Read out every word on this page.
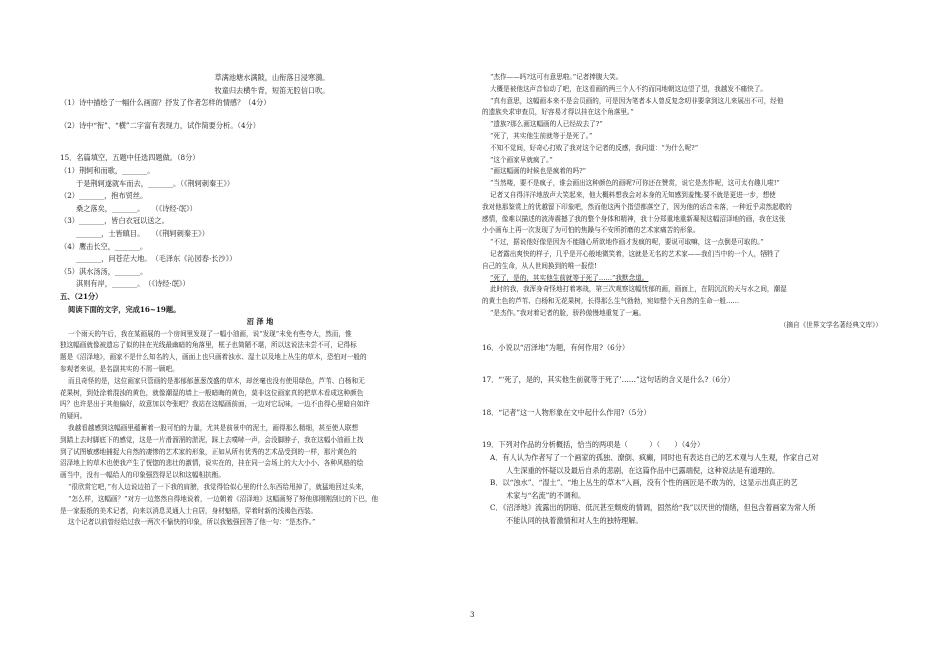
草满池塘水满陂，山衔落日浸寒漪。
牧童归去横牛背，短笛无腔信口吹。
（1）诗中描绘了一幅什么画面？抒发了作者怎样的情感？（4分）
（2）诗中“衔”、“横”二字富有表现力，试作简要分析。（4分）
15．名篇填空，五题中任选四题做。（8分）
（1）荆轲和而歌，_______。
于是荆轲遂就车而去，_______。（《荆轲刺秦王》）
（2）_______，抱布贸丝。
桑之落矣，_______。　　（《诗经·氓》）
（3）_______，皆白衣冠以送之。
_______，士皆瞋目。　　（《荆轲刺秦王》）
（4）鹰击长空，_______。
_______，问苍茫大地。　（毛泽东《沁园春·长沙》）
（5）淇水汤汤，_______。
淇则有岸，_______。　（《诗经·氓》）
五、（21分）
阅读下面的文字，完成16~19题。
沼 泽 地
一个雨天的午后，我在某画展的一个房间里发现了一幅小油画，说“发现”未免有些夸大，然而，惟
独这幅画就像被遗忘了似的挂在光线最幽暗的角落里，框子也简陋不堪，所以这说法未尝不可，记得标
题是《沼泽地》，画家不是什么知名的人，画面上也只画着浊水、湿土以及地上丛生的草木，恐怕对一般的
参观者来说，是名副其实的不屑一顾吧。
而且奇怪的是，这位画家只管画的是那郁郁葱葱茂盛的草木，却丝毫也没有使用绿色，芦苇、白杨和无
花果树，到处涂着混浊的黄色，就像潮湿的墙上一般暗晦的黄色，莫非这位画家真的把草木看成这种颜色
吗？也许是出于其他偏好，故意加以夸张吧？我站在这幅画前面，一边对它玩味，一边不由得心里暗自如许
的疑问。
我越看越感到这幅画里蕴蓄着一股可怕的力量，尤其是前景中的泥土，画得那么精细，甚至使人联想
到踏上去时脚底下的感觉，这是一片滑溜溜的淤泥，踩上去噗哧一声，会没脚脖子，我在这幅小油画上找
到了试图敏感地捕捉大自然的凄惨的艺术家的形象，正如从所有优秀的艺术品受到的一样，那片黄色的
沼泽地上的草木也使我产生了恍惚的悲壮的激情，说实在的，挂在同一会场上的大大小小、各种风格的绘
画当中，没有一幅给人的印象强烈得足以和这幅相抗衡。
“很欣赏它吧，”有人边说边拍了一下我的肩膀，我觉得恰似心里的什么东西给甩掉了，就猛地回过头来，
“怎么样，这幅画？”对方一边悠然自得地说着，一边朝着《沼泽地》这幅画努了努他那刚刚刮过的下巴，他
是一家报纸的美术记者，向来以消息灵通人士自居，身材魁梧，穿着时新的浅褐色西装。
这个记者以前曾经给过我一两次不愉快的印象，所以我勉强回答了他一句：“是杰作。”
“杰作——吗?这可有意思啦。”记者捧腹大笑。
大概是被他这声音惊动了吧，在这看画的两三个人不约而同地朝这边望了望，我越发不痛快了。
“真有意思，这幅画本来不是会员画的，可是因为笔者本人曾反复念叨非要拿到这儿来展出不可，经他
的遗族央求审查员，好容易才得以挂在这个角落里。”
“遗族?那么画这幅画的人已经故去了?”
“死了，其实他生前就等于是死了。”
不知不觉间，好奇心打败了我对这个记者的反感，我问道：“为什么呢?”
“这个画家早就疯了。”
“画这幅画的时候也是疯着的吗?”
“当然喽，要不是疯子，谁会画出这种颜色的画呢?可你还在赞赏，说它是杰作呢，这可太有趣儿啦!”
记者又自得洋洋地放声大笑起来，他大概料想我会对本身的无知感到羞愧;要不就是更进一步，想使
我对他那鉴赏上的优越留下印象吧，然而他这两个指望都落空了，因为他的话音未落，一种近乎肃然起敬的
感情，像难以描述的波涛震撼了我的整个身体和精神，我十分郑重地重新凝视这幅沼泽地的画，我在这张
小小画布上再一次发现了为可怕的焦躁与不安所折磨的艺术家痛苦的形象。
“不过，据说他好像是因为不能随心所欲地作画才发疯的呢，要说可取嘛，这一点倒是可取的。”
记者露出爽快的样子，几乎是开心般地微笑着，这就是无名的艺术家——我们当中的一个人，牺牲了
自己的生命，从人世间换到的唯一报偿!
“死了，是的，其实他生前就等于死了……”我默念道。
此时的我，我浑身奇怪地打着寒战，第三次观察这幅忧郁的画，画面上，在阴沉沉的天与水之间，潮湿
的黄土色的芦苇、白杨和无花果树，长得那么生气勃勃，宛如整个天自然的生命一般……
“是杰作。”我对着记者的脸，骄矜傲慢地重复了一遍。
（摘自《世界文学名著经典文库》）
16．小说以“沼泽地”为题，有何作用?（6分）
17．“‘死了，是的，其实他生前就等于死了’……”这句话的含义是什么?（6分）
18．“记者”这一人物形象在文中起什么作用?（5分）
19．下列对作品的分析概括，恰当的两项是（　　　）（　　）（4分）
A．有人认为作者写了一个画家的孤独、潦倒、疯癫，同时也有表达自己的艺术观与人生观，作家自己对
人生深重的怀疑以及最后自杀的悲剧，在这篇作品中已露端倪，这种说法是有道理的。
B．以“浊水”、“湿土”、“地上丛生的草木”入画，没有个性的画匠是不敢为的，这显示出真正的艺
术家与“名流”的不调和。
C．《沼泽地》流露出的阴暗、低沉甚至颓废的情调，固然给“我”以厌世的情绪，但包含着画家为常人所
不能认同的执着激情和对人生的独特理解。
3
